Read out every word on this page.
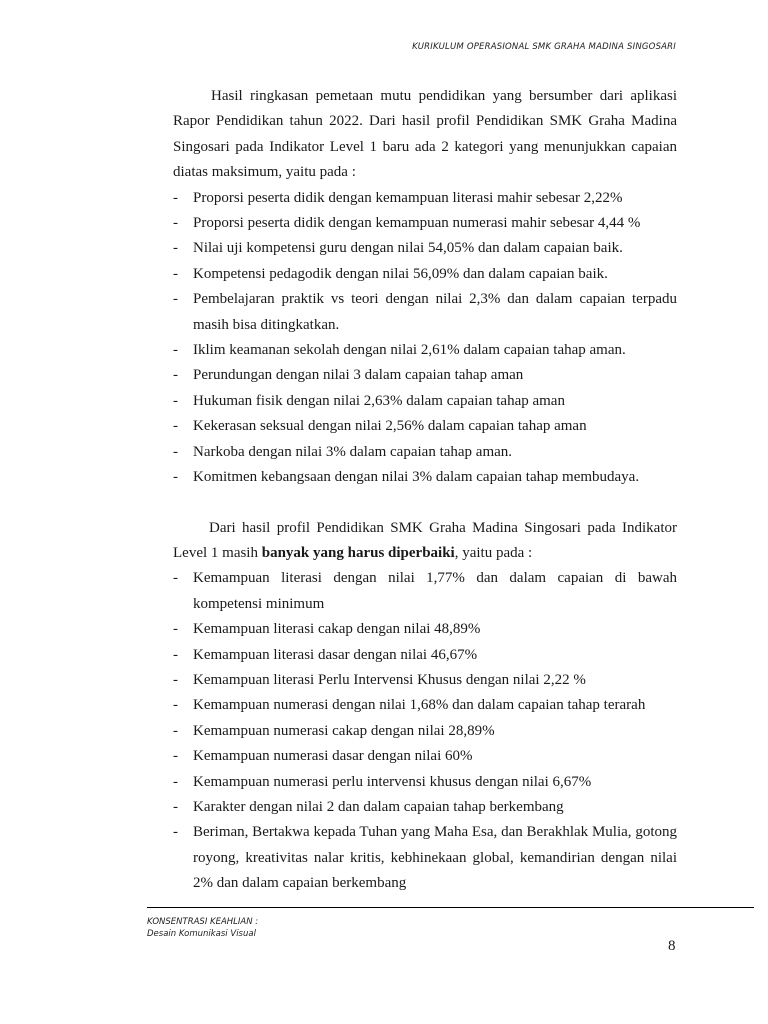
KURIKULUM OPERASIONAL SMK GRAHA MADINA SINGOSARI

Hasil ringkasan pemetaan mutu pendidikan yang bersumber dari aplikasi Rapor Pendidikan tahun 2022. Dari hasil profil Pendidikan SMK Graha Madina Singosari pada Indikator Level 1 baru ada 2 kategori yang menunjukkan capaian diatas maksimum, yaitu pada :

- Proporsi peserta didik dengan kemampuan literasi mahir sebesar 2,22%
- Proporsi peserta didik dengan kemampuan numerasi mahir sebesar 4,44 %
- Nilai uji kompetensi guru dengan nilai 54,05% dan dalam capaian baik.
- Kompetensi pedagodik dengan nilai 56,09% dan dalam capaian baik.
- Pembelajaran praktik vs teori dengan nilai 2,3% dan dalam capaian terpadu masih bisa ditingkatkan.
- Iklim keamanan sekolah dengan nilai 2,61% dalam capaian tahap aman.
- Perundungan dengan nilai 3 dalam capaian tahap aman
- Hukuman fisik dengan nilai 2,63% dalam capaian tahap aman
- Kekerasan seksual dengan nilai 2,56% dalam capaian tahap aman
- Narkoba dengan nilai 3% dalam capaian tahap aman.
- Komitmen kebangsaan dengan nilai 3% dalam capaian tahap membudaya.

Dari hasil profil Pendidikan SMK Graha Madina Singosari pada Indikator Level 1 masih banyak yang harus diperbaiki, yaitu pada :

- Kemampuan literasi dengan nilai 1,77% dan dalam capaian di bawah kompetensi minimum
- Kemampuan literasi cakap dengan nilai 48,89%
- Kemampuan literasi dasar dengan nilai 46,67%
- Kemampuan literasi Perlu Intervensi Khusus dengan nilai 2,22 %
- Kemampuan numerasi dengan nilai 1,68% dan dalam capaian tahap terarah
- Kemampuan numerasi cakap dengan nilai 28,89%
- Kemampuan numerasi dasar dengan nilai 60%
- Kemampuan numerasi perlu intervensi khusus dengan nilai 6,67%
- Karakter dengan nilai 2 dan dalam capaian tahap berkembang
- Beriman, Bertakwa kepada Tuhan yang Maha Esa, dan Berakhlak Mulia, gotong royong, kreativitas nalar kritis, kebhinekaan global, kemandirian dengan nilai 2% dan dalam capaian berkembang
KONSENTRASI KEAHLIAN :
Desain Komunikasi Visual
8
